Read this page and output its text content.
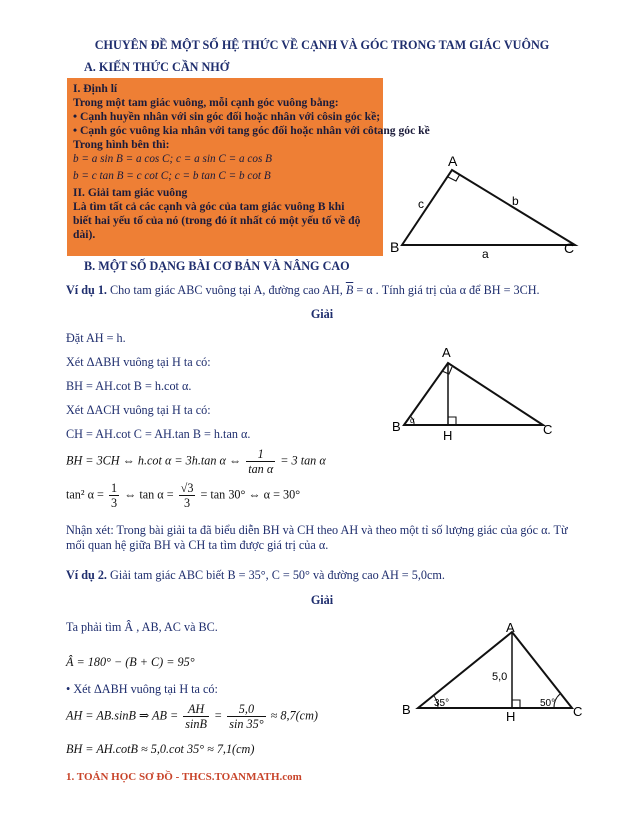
CHUYÊN ĐỀ MỘT SỐ HỆ THỨC VỀ CẠNH VÀ GÓC TRONG TAM GIÁC VUÔNG
A. KIẾN THỨC CẦN NHỚ
I. Định lí
Trong một tam giác vuông, mỗi cạnh góc vuông bằng:
• Cạnh huyền nhân với sin góc đối hoặc nhân với côsin góc kề;
• Cạnh góc vuông kia nhân với tang góc đối hoặc nhân với côtang góc kề
Trong hình bên thì:
b = a sin B = a cos C; c = a sin C = a cos B
b = c tan B = c cot C; c = b tan C = b cot B
II. Giải tam giác vuông
Là tìm tất cả các cạnh và góc của tam giác vuông B khi
biết hai yếu tố của nó (trong đó ít nhất có một yếu tố về độ
dài).
A
B	C
c	b
a
B. MỘT SỐ DẠNG BÀI CƠ BẢN VÀ NÂNG CAO
Ví dụ 1. Cho tam giác ABC vuông tại A, đường cao AH, $\overline{B} = \alpha$ . Tính giá trị của α để BH = 3CH.
Giải
Đặt AH = h.
Xét ΔABH vuông tại H ta có:
BH = AH.cot B = h.cot α.
Xét ΔACH vuông tại H ta có:
CH = AH.cot C = AH.tan B = h.tan α.
BH = 3CH ⇔ h.cot α = 3h.tan α ⇔ $\frac{1}{\text{tan α}} = 3$ tan α
tan² $\alpha = \frac{1}{3}$ ⇔ $\tan \alpha = \frac{√3}{3} = \tan 30^\circ$ ⇔ α = 30°
Nhận xét: Trong bài giải ta đã biểu diễn BH và CH theo AH và theo một tỉ số lượng giác của góc α. Từ
mối quan hệ giữa BH và CH ta tìm được giá trị của α.
α
A
B	C
H
Ví dụ 2. Giải tam giác ABC biết B = 35°, C = 50° và đường cao AH = 5,0cm.
Giải
Ta phải tìm Â , AB, AC và BC.
Â = 180° − (B + C) = 95°
• Xét ΔABH vuông tại H ta có:
AH = AB.sinB ⇒ AB = $\frac{AH}{\sin B} = \frac{5,0}{\sin 35^\circ} \approx 8,7(cm)$
BH = AH.cotB ≈ 5,0.cot 35° ≈ 7,1(cm)
A
B	C
H
5,0
35°	50°
1. TOÁN HỌC SƠ ĐỒ - THCS.TOANMATH.com
